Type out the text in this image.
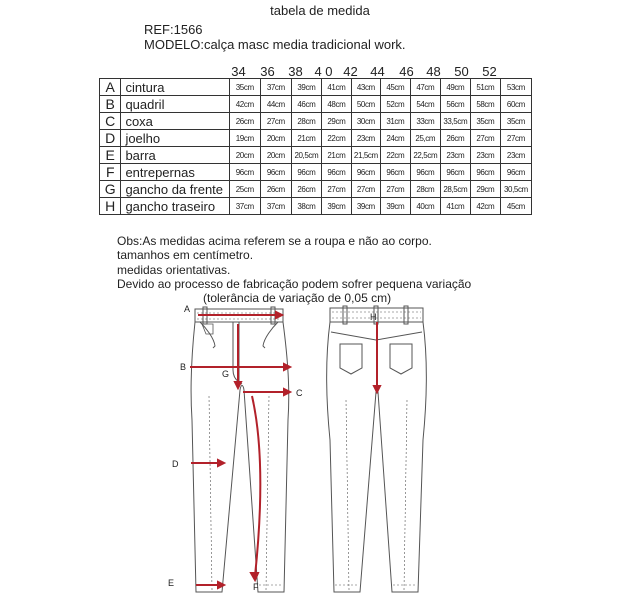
tabela de medida
REF:1566
MODELO:calça masc media tradicional work.
34	36	38 4 0 42 44	46 48	50	52
A	cintura	35cm	37cm	39cm	41cm	43cm	45cm	47cm	49cm	51cm	53cm
B	quadril	42cm	44cm	46cm	48cm	50cm	52cm	54cm	56cm	58cm	60cm
C	coxa	26cm	27cm	28cm	29cm	30cm	31cm	33cm	33,5cm	35cm	35cm
D	joelho	19cm	20cm	21cm	22cm	23cm	24cm	25,cm	26cm	27cm	27cm
E	barra	20cm	20cm	20,5cm	21cm	21,5cm	22cm	22,5cm	23cm	23cm	23cm
F	entrepernas	96cm	96cm	96cm	96cm	96cm	96cm	96cm	96cm	96cm	96cm
G	gancho da frente	25cm	26cm	26cm	27cm	27cm	27cm	28cm	28,5cm	29cm	30,5cm
H	gancho traseiro	37cm	37cm	38cm	39cm	39cm	39cm	40cm	41cm	42cm	45cm
Obs:As medidas acima referem se a roupa e não ao corpo.
tamanhos em centímetro.
medidas orientativas.
Devido ao processo de fabricação podem sofrer pequena variação
(tolerância de variação de 0,05 cm)
A
B
C
D
E	F
G
H
